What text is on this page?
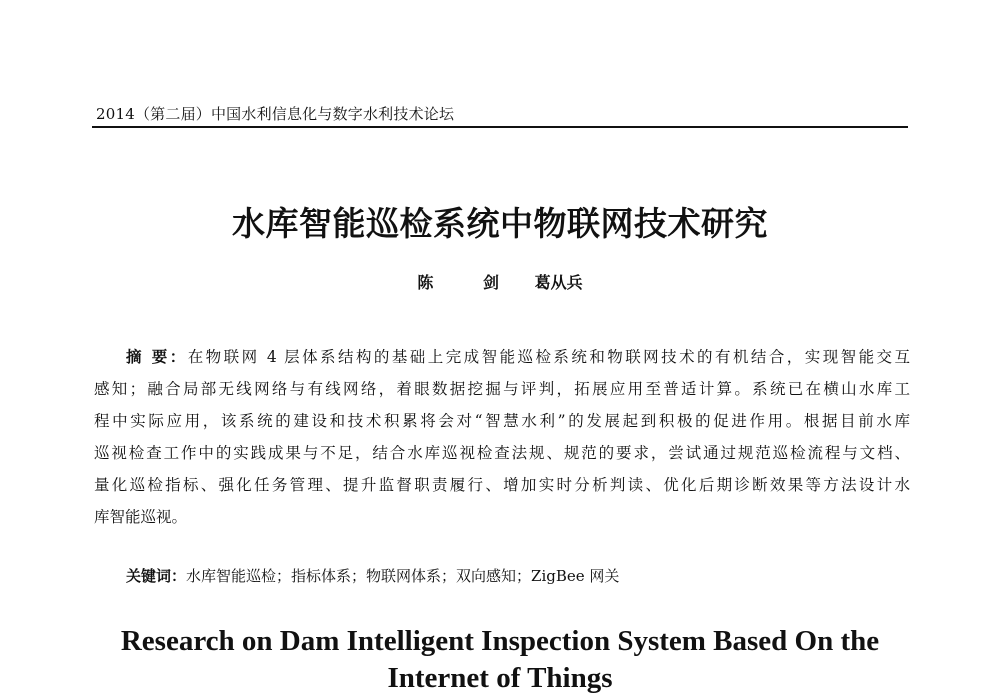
2014（第二届）中国水利信息化与数字水利技术论坛
水库智能巡检系统中物联网技术研究
陈 剑 葛从兵
摘 要：在物联网 4 层体系结构的基础上完成智能巡检系统和物联网技术的有机结合，实现智能交互
感知；融合局部无线网络与有线网络，着眼数据挖掘与评判，拓展应用至普适计算。系统已在横山水库工
程中实际应用，该系统的建设和技术积累将会对“智慧水利”的发展起到积极的促进作用。根据目前水库
巡视检查工作中的实践成果与不足，结合水库巡视检查法规、规范的要求，尝试通过规范巡检流程与文档、
量化巡检指标、强化任务管理、提升监督职责履行、增加实时分析判读、优化后期诊断效果等方法设计水
库智能巡视。
关键词：水库智能巡检；指标体系；物联网体系；双向感知；ZigBee 网关
Research on Dam Intelligent Inspection System Based On the
Internet of Things
